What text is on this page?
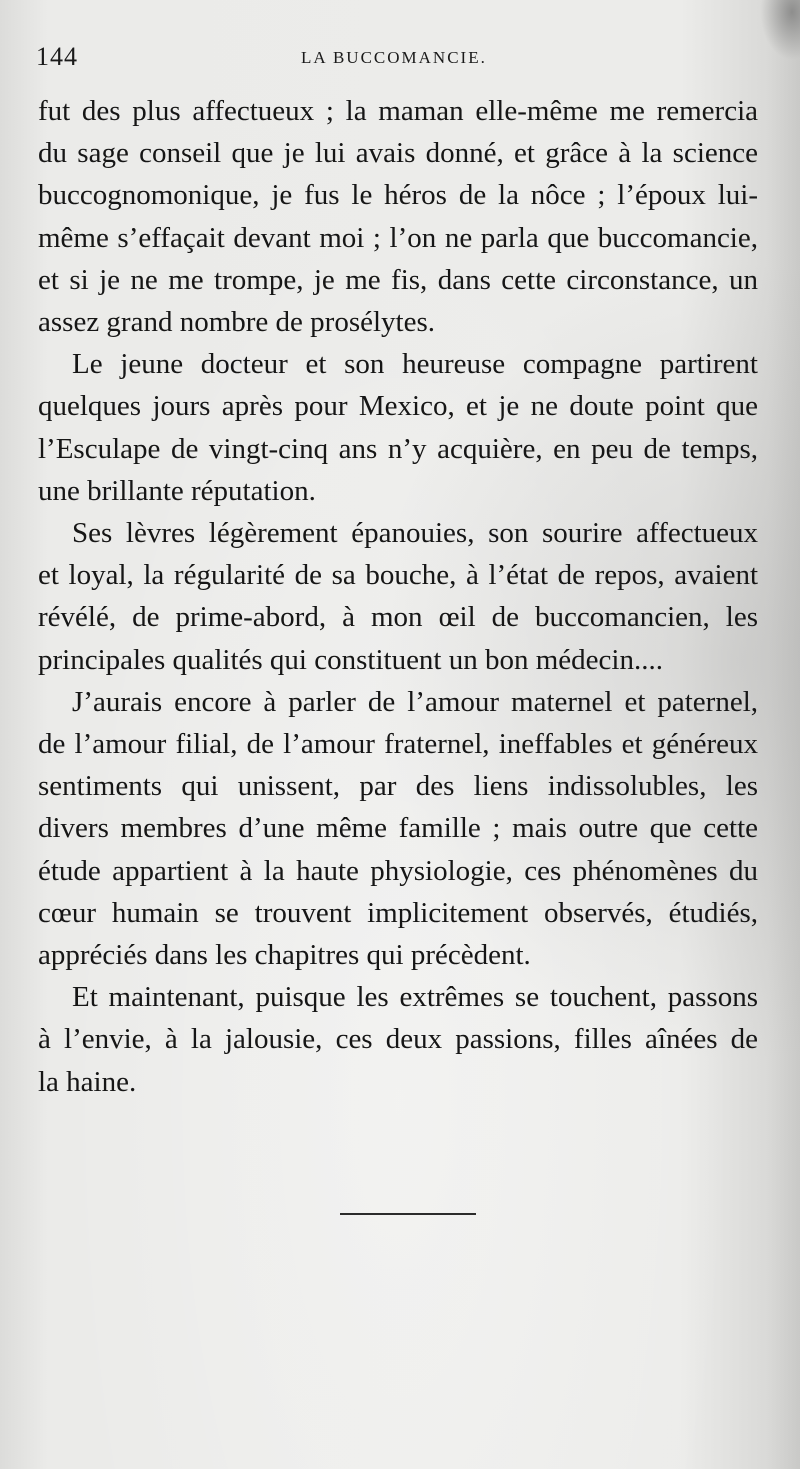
144	LA BUCCOMANCIE.

fut des plus affectueux ; la maman elle-même me remercia
du sage conseil que je lui avais donné, et grâce à la science
buccognomonique, je fus le héros de la nôce ; l’époux lui-
même s’effaçait devant moi ; l’on ne parla que buccomancie,
et si je ne me trompe, je me fis, dans cette circonstance, un
assez grand nombre de prosélytes.

Le jeune docteur et son heureuse compagne partirent
quelques jours après pour Mexico, et je ne doute point que
l’Esculape de vingt-cinq ans n’y acquière, en peu de temps,
une brillante réputation.

Ses lèvres légèrement épanouies, son sourire affectueux
et loyal, la régularité de sa bouche, à l’état de repos, avaient
révélé, de prime-abord, à mon œil de buccomancien, les
principales qualités qui constituent un bon médecin....

J’aurais encore à parler de l’amour maternel et paternel,
de l’amour filial, de l’amour fraternel, ineffables et généreux
sentiments qui unissent, par des liens indissolubles, les
divers membres d’une même famille ; mais outre que cette
étude appartient à la haute physiologie, ces phénomènes du
cœur humain se trouvent implicitement observés, étudiés,
appréciés dans les chapitres qui précèdent.

Et maintenant, puisque les extrêmes se touchent, passons
à l’envie, à la jalousie, ces deux passions, filles aînées de
la haine.
